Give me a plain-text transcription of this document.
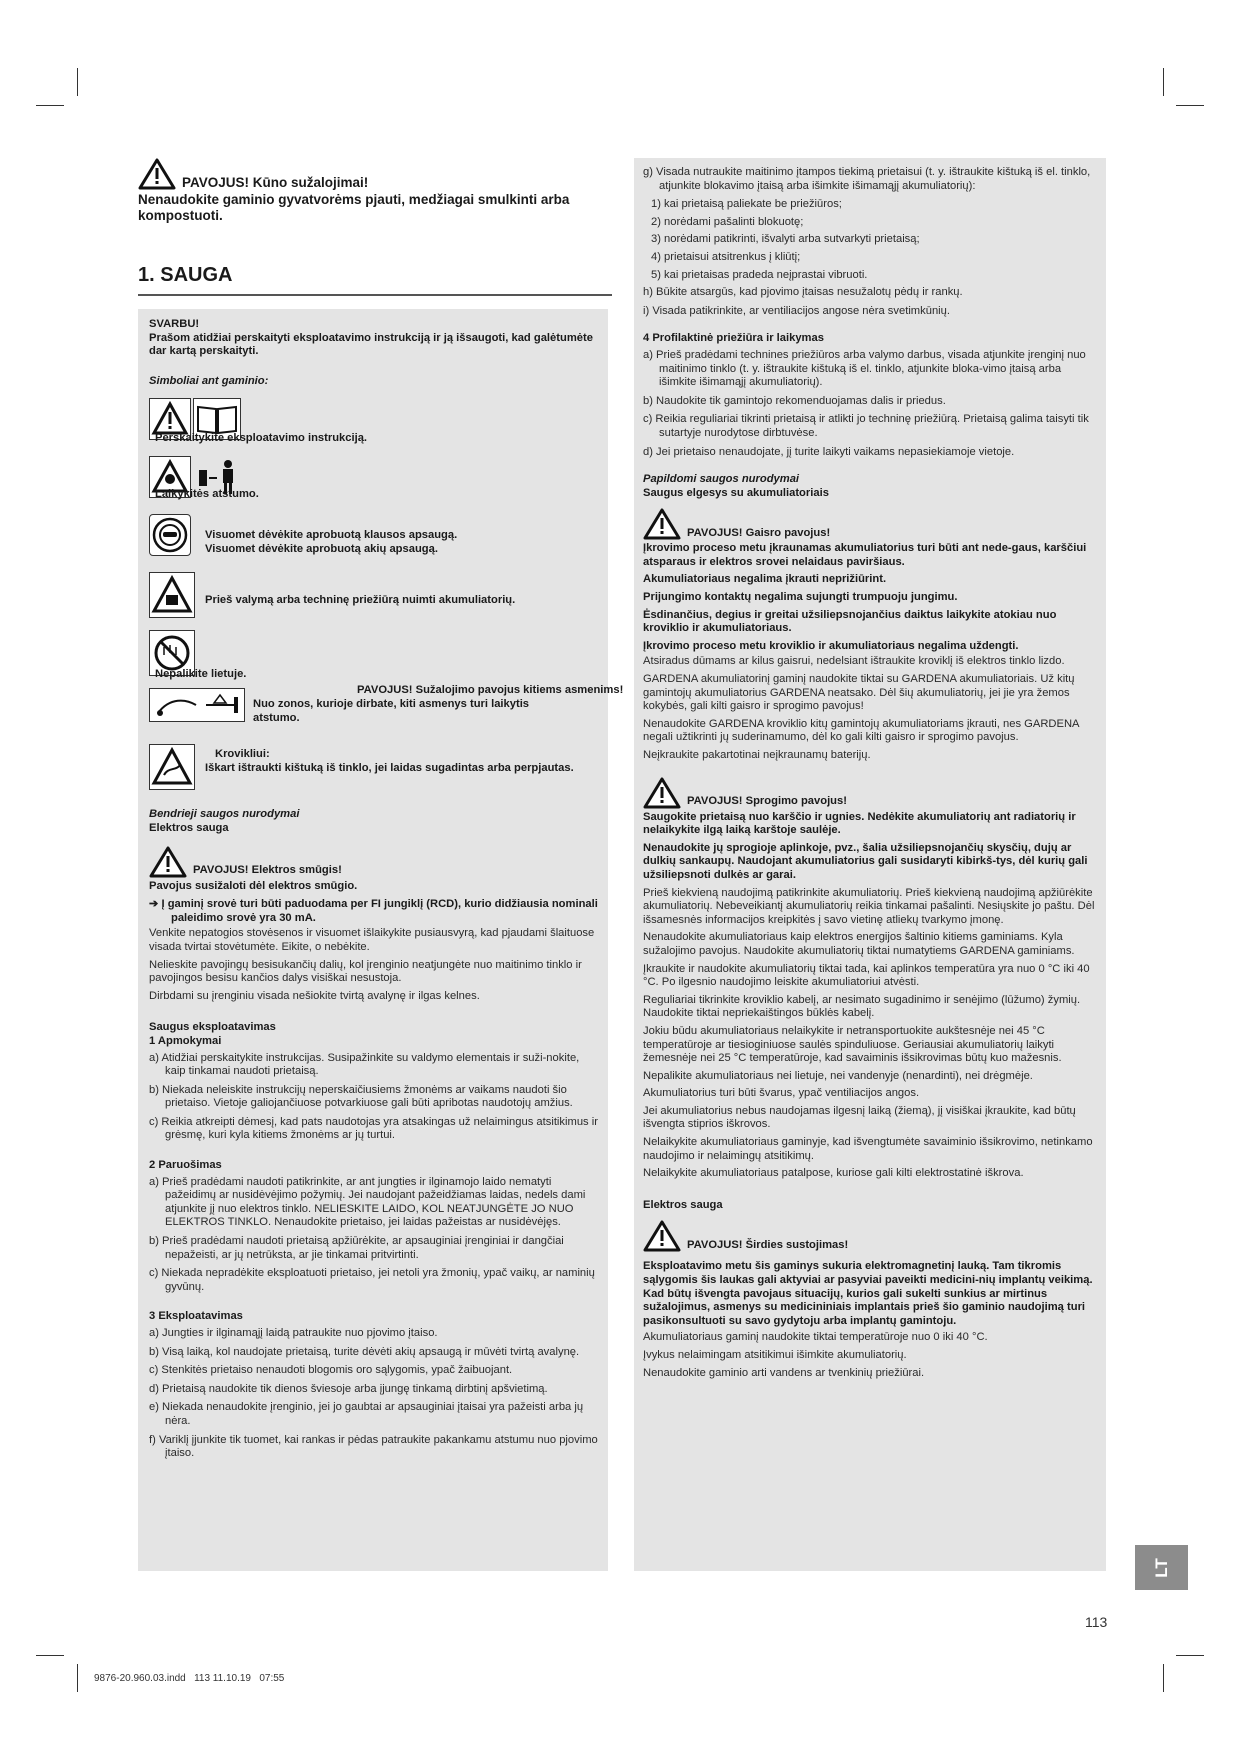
PAVOJUS! Kūno sužalojimai!
Nenaudokite gaminio gyvatvorėms pjauti, medžiagai smulkinti arba kompostuoti.
1. SAUGA
SVARBU!
Prašom atidžiai perskaityti eksploatavimo instrukciją ir ją išsaugoti, kad galėtumėte dar kartą perskaityti.
Simboliai ant gaminio:
Perskaitykite eksploatavimo instrukciją.
Laikykitės atstumo.
Visuomet dėvėkite aprobuotą klausos apsaugą.
Visuomet dėvėkite aprobuotą akių apsaugą.
Prieš valymą arba techninę priežiūrą nuimti akumuliatorių.
Nepalikite lietuje.
PAVOJUS! Sužalojimo pavojus kitiems asmenims!
Nuo zonos, kurioje dirbate, kiti asmenys turi laikytis atstumo.
Krovikliui:
Iškart ištraukti kištuką iš tinklo, jei laidas sugadintas arba perpjautas.
Bendrieji saugos nurodymai
Elektros sauga
PAVOJUS! Elektros smūgis!
Pavojus susižaloti dėl elektros smūgio.
➔ Į gaminį srovė turi būti paduodama per FI jungiklį (RCD), kurio didžiausia nominali paleidimo srovė yra 30 mA.

Venkite nepatogios stovėsenos ir visuomet išlaikykite pusiausvyrą, kad pjaudami šlaituose visada tvirtai stovėtumėte. Eikite, o nebėkite.

Nelieskite pavojingų besisukančių dalių, kol įrenginio neatjungėte nuo maitinimo tinklo ir pavojingos besisu kančios dalys visiškai nesustoja.

Dirbdami su įrenginiu visada nešiokite tvirtą avalynę ir ilgas kelnes.

Saugus eksploatavimas
1 Apmokymai

a) Atidžiai perskaitykite instrukcijas. Susipažinkite su valdymo elementais ir suži-nokite, kaip tinkamai naudoti prietaisą.

b) Niekada neleiskite instrukcijų neperskaičiusiems žmonėms ar vaikams naudoti šio prietaiso. Vietoje galiojančiuose potvarkiuose gali būti apribotas naudotojų amžius.

c) Reikia atkreipti dėmesį, kad pats naudotojas yra atsakingas už nelaimingus atsitikimus ir grėsmę, kuri kyla kitiems žmonėms ar jų turtui.

2 Paruošimas

a) Prieš pradėdami naudoti patikrinkite, ar ant jungties ir ilginamojo laido nematyti pažeidimų ar nusidėvėjimo požymių. Jei naudojant pažeidžiamas laidas, nedels dami atjunkite jį nuo elektros tinklo. NELIESKITE LAIDO, KOL NEATJUNGĖTE JO NUO ELEKTROS TINKLO. Nenaudokite prietaiso, jei laidas pažeistas ar nusidėvėjęs.

b) Prieš pradėdami naudoti prietaisą apžiūrėkite, ar apsauginiai įrenginiai ir dangčiai nepažeisti, ar jų netrūksta, ar jie tinkamai pritvirtinti.

c) Niekada nepradėkite eksploatuoti prietaiso, jei netoli yra žmonių, ypač vaikų, ar naminių gyvūnų.

3 Eksploatavimas

a) Jungties ir ilginamąjį laidą patraukite nuo pjovimo įtaiso.

b) Visą laiką, kol naudojate prietaisą, turite dėvėti akių apsaugą ir mūvėti tvirtą avalynę.

c) Stenkitės prietaiso nenaudoti blogomis oro sąlygomis, ypač žaibuojant.

d) Prietaisą naudokite tik dienos šviesoje arba įjungę tinkamą dirbtinį apšvietimą.

e) Niekada nenaudokite įrenginio, jei jo gaubtai ar apsauginiai įtaisai yra pažeisti arba jų nėra.

f) Variklį įjunkite tik tuomet, kai rankas ir pėdas patraukite pakankamu atstumu nuo pjovimo įtaiso.

g) Visada nutraukite maitinimo įtampos tiekimą prietaisui (t. y. ištraukite kištuką iš el. tinklo, atjunkite blokavimo įtaisą arba išimkite išimamąjį akumuliatorių):

1) kai prietaisą paliekate be priežiūros;
2) norėdami pašalinti blokuotę;
3) norėdami patikrinti, išvalyti arba sutvarkyti prietaisą;
4) prietaisui atsitrenkus į kliūtį;
5) kai prietaisas pradeda neįprastai vibruoti.

h) Būkite atsargūs, kad pjovimo įtaisas nesužalotų pėdų ir rankų.

i) Visada patikrinkite, ar ventiliacijos angose nėra svetimkūnių.

4 Profilaktinė priežiūra ir laikymas

a) Prieš pradėdami technines priežiūros arba valymo darbus, visada atjunkite įrenginį nuo maitinimo tinklo (t. y. ištraukite kištuką iš el. tinklo, atjunkite bloka-vimo įtaisą arba išimkite išimamąjį akumuliatorių).

b) Naudokite tik gamintojo rekomenduojamas dalis ir priedus.

c) Reikia reguliariai tikrinti prietaisą ir atlikti jo techninę priežiūrą. Prietaisą galima taisyti tik sutartyje nurodytose dirbtuvėse.

d) Jei prietaiso nenaudojate, jį turite laikyti vaikams nepasiekiamoje vietoje.

Papildomi saugos nurodymai
Saugus elgesys su akumuliatoriais
PAVOJUS! Gaisro pavojus!
Įkrovimo proceso metu įkraunamas akumuliatorius turi būti ant nede-gaus, karščiui atsparaus ir elektros srovei nelaidaus paviršiaus.
Akumuliatoriaus negalima įkrauti neprižiūrint.
Prijungimo kontaktų negalima sujungti trumpuoju jungimu.
Ėsdinančius, degius ir greitai užsiliepsnojančius daiktus laikykite atokiau nuo kroviklio ir akumuliatoriaus.
Įkrovimo proceso metu kroviklio ir akumuliatoriaus negalima uždengti.

Atsiradus dūmams ar kilus gaisrui, nedelsiant ištraukite kroviklį iš elektros tinklo lizdo.

GARDENA akumuliatorinį gaminį naudokite tiktai su GARDENA akumuliatoriais. Už kitų gamintojų akumuliatorius GARDENA neatsako. Dėl šių akumuliatorių, jei jie yra žemos kokybės, gali kilti gaisro ir sprogimo pavojus!

Nenaudokite GARDENA kroviklio kitų gamintojų akumuliatoriams įkrauti, nes GARDENA negali užtikrinti jų suderinamumo, dėl ko gali kilti gaisro ir sprogimo pavojus.

Neįkraukite pakartotinai neįkraunamų baterijų.

PAVOJUS! Sprogimo pavojus!
Saugokite prietaisą nuo karščio ir ugnies. Nedėkite akumuliatorių ant radiatorių ir nelaikykite ilgą laiką karštoje saulėje.
Nenaudokite jų sprogioje aplinkoje, pvz., šalia užsiliepsnojančių skysčių, dujų ar dulkių sankaupų. Naudojant akumuliatorius gali susidaryti kibirkš-tys, dėl kurių gali užsiliepsnoti dulkės ar garai.

Prieš kiekvieną naudojimą patikrinkite akumuliatorių. Prieš kiekvieną naudojimą apžiūrėkite akumuliatorių. Nebeveikiantį akumuliatorių reikia tinkamai pašalinti. Nesiųskite jo paštu. Dėl išsamesnės informacijos kreipkitės į savo vietinę atliekų tvarkymo įmonę.

Nenaudokite akumuliatoriaus kaip elektros energijos šaltinio kitiems gaminiams. Kyla sužalojimo pavojus. Naudokite akumuliatorių tiktai numatytiems GARDENA gaminiams.

Įkraukite ir naudokite akumuliatorių tiktai tada, kai aplinkos temperatūra yra nuo 0 °C iki 40 °C. Po ilgesnio naudojimo leiskite akumuliatoriui atvėsti.

Reguliariai tikrinkite kroviklio kabelį, ar nesimato sugadinimo ir senėjimo (lūžumo) žymių. Naudokite tiktai nepriekaištingos būklės kabelį.

Jokiu būdu akumuliatoriaus nelaikykite ir netransportuokite aukštesnėje nei 45 °C temperatūroje ar tiesioginiuose saulės spinduliuose. Geriausiai akumuliatorių laikyti žemesnėje nei 25 °C temperatūroje, kad savaiminis išsikrovimas būtų kuo mažesnis.

Nepalikite akumuliatoriaus nei lietuje, nei vandenyje (nenardinti), nei drėgmėje.

Akumuliatorius turi būti švarus, ypač ventiliacijos angos.

Jei akumuliatorius nebus naudojamas ilgesnį laiką (žiemą), jį visiškai įkraukite, kad būtų išvengta stiprios iškrovos.

Nelaikykite akumuliatoriaus gaminyje, kad išvengtumėte savaiminio išsikrovimo, netinkamo naudojimo ir nelaimingų atsitikimų.

Nelaikykite akumuliatoriaus patalpose, kuriose gali kilti elektrostatinė iškrova.

Elektros sauga
PAVOJUS! Širdies sustojimas!
Eksploatavimo metu šis gaminys sukuria elektromagnetinį lauką. Tam tikromis sąlygomis šis laukas gali aktyviai ar pasyviai paveikti medicini-nių implantų veikimą. Kad būtų išvengta pavojaus situacijų, kurios gali sukelti sunkius ar mirtinus sužalojimus, asmenys su medicininiais implantais prieš šio gaminio naudojimą turi pasikonsultuoti su savo gydytoju arba implantų gamintoju.

Akumuliatoriaus gaminį naudokite tiktai temperatūroje nuo 0 iki 40 °C.

Įvykus nelaimingam atsitikimui išimkite akumuliatorių.

Nenaudokite gaminio arti vandens ar tvenkinių priežiūrai.

LT
113
9876-20.960.03.indd   113 11.10.19   07:55
